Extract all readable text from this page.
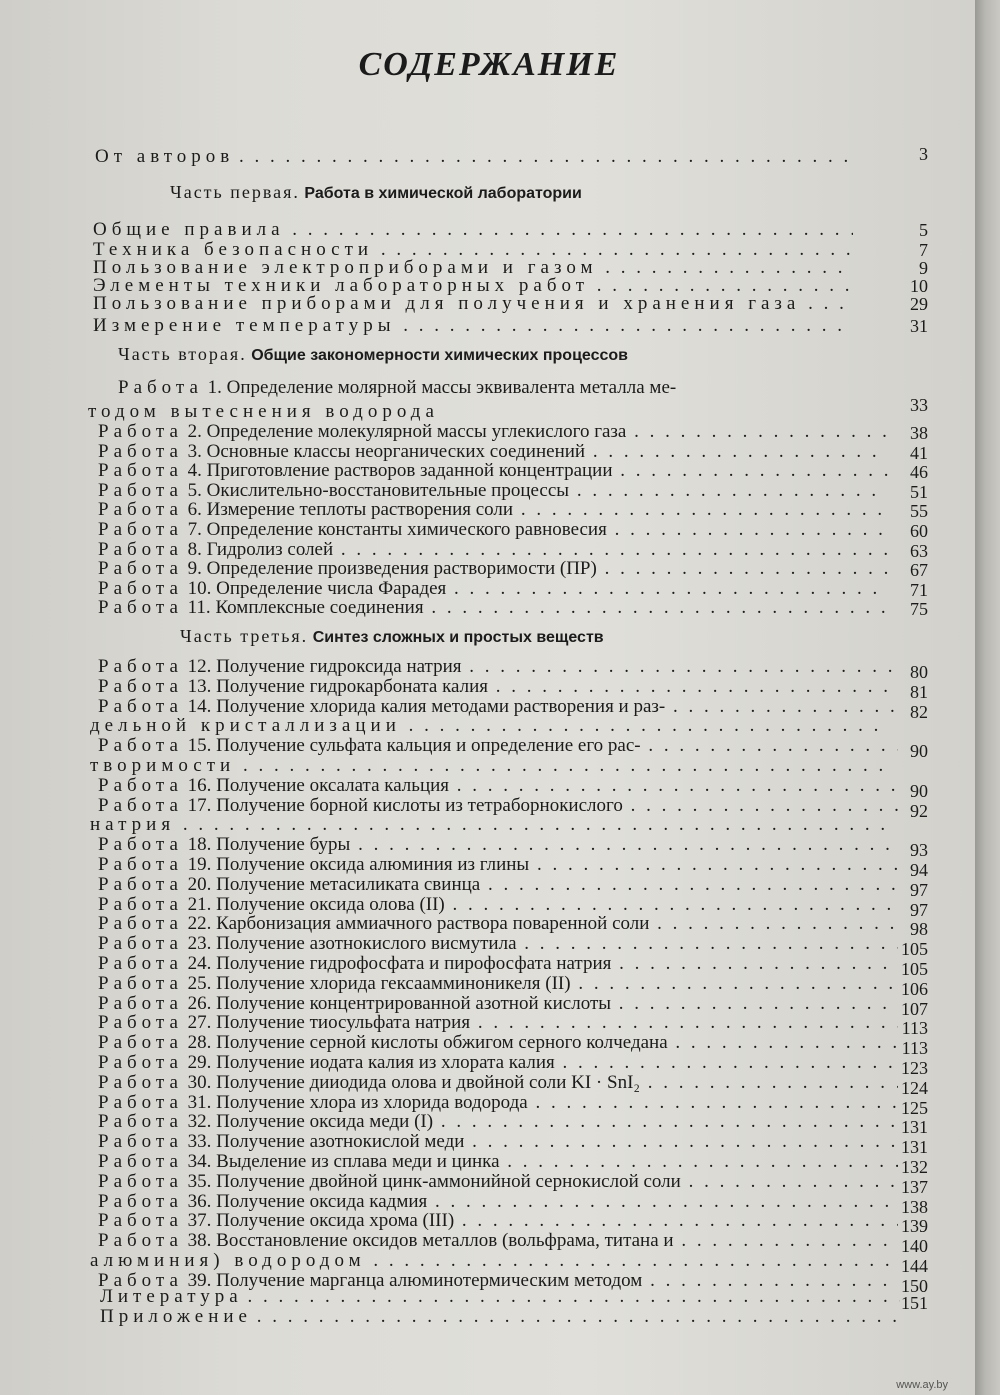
СОДЕРЖАНИЕ
От авторов . . .	3
Часть первая. Работа в химической лаборатории
Общие правила . . .	5
Техника безопасности . . .	7
Пользование электроприборами и газом . . .	9
Элементы техники лабораторных работ . . .	10
Пользование приборами для получения и хранения газа . . .	29
Измерение температуры . . .	31
Часть вторая. Общие закономерности химических процессов
Работа 1. Определение молярной массы эквивалента металла ме-
тодом вытеснения водорода	33
Работа 2. Определение молекулярной массы углекислого газа . . .	38
Работа 3. Основные классы неорганических соединений . . .	41
Работа 4. Приготовление растворов заданной концентрации . . .	46
Работа 5. Окислительно-восстановительные процессы . . .	51
Работа 6. Измерение теплоты растворения соли . . .	55
Работа 7. Определение константы химического равновесия . . .	60
Работа 8. Гидролиз солей . . .	63
Работа 9. Определение произведения растворимости (ПР) . . .	67
Работа 10. Определение числа Фарадея . . .	71
Работа 11. Комплексные соединения . . .	75
Часть третья. Синтез сложных и простых веществ
Работа 12. Получение гидроксида натрия . . .	80
Работа 13. Получение гидрокарбоната калия . . .	81
Работа 14. Получение хлорида калия методами растворения и раз- . . .	82
дельной кристаллизации . . .
Работа 15. Получение сульфата кальция и определение его рас- . . .	90
творимости . . .
Работа 16. Получение оксалата кальция . . .	90
Работа 17. Получение борной кислоты из тетраборнокислого . . .	92
натрия . . .
Работа 18. Получение буры . . .	93
Работа 19. Получение оксида алюминия из глины . . .	94
Работа 20. Получение метасиликата свинца . . .	97
Работа 21. Получение оксида олова (II) . . .	97
Работа 22. Карбонизация аммиачного раствора поваренной соли . . .	98
Работа 23. Получение азотнокислого висмутила . . .	105
Работа 24. Получение гидрофосфата и пирофосфата натрия . . .	105
Работа 25. Получение хлорида гексаамминоникеля (II) . . .	106
Работа 26. Получение концентрированной азотной кислоты . . .	107
Работа 27. Получение тиосульфата натрия . . .	113
Работа 28. Получение серной кислоты обжигом серного колчедана . . .	113
Работа 29. Получение иодата калия из хлората калия . . .	123
Работа 30. Получение дииодида олова и двойной соли KI · SnI₂ . . .	124
Работа 31. Получение хлора из хлорида водорода . . .	125
Работа 32. Получение оксида меди (I) . . .	131
Работа 33. Получение азотнокислой меди . . .	131
Работа 34. Выделение из сплава меди и цинка . . .	132
Работа 35. Получение двойной цинк-аммонийной сернокислой соли . . .	137
Работа 36. Получение оксида кадмия . . .	138
Работа 37. Получение оксида хрома (III) . . .	139
Работа 38. Восстановление оксидов металлов (вольфрама, титана и . . .	140
алюминия) водородом . . .	144
Работа 39. Получение марганца алюминотермическим методом . . .	150
Литература . . .	151
Приложение . . .
www.ay.by
